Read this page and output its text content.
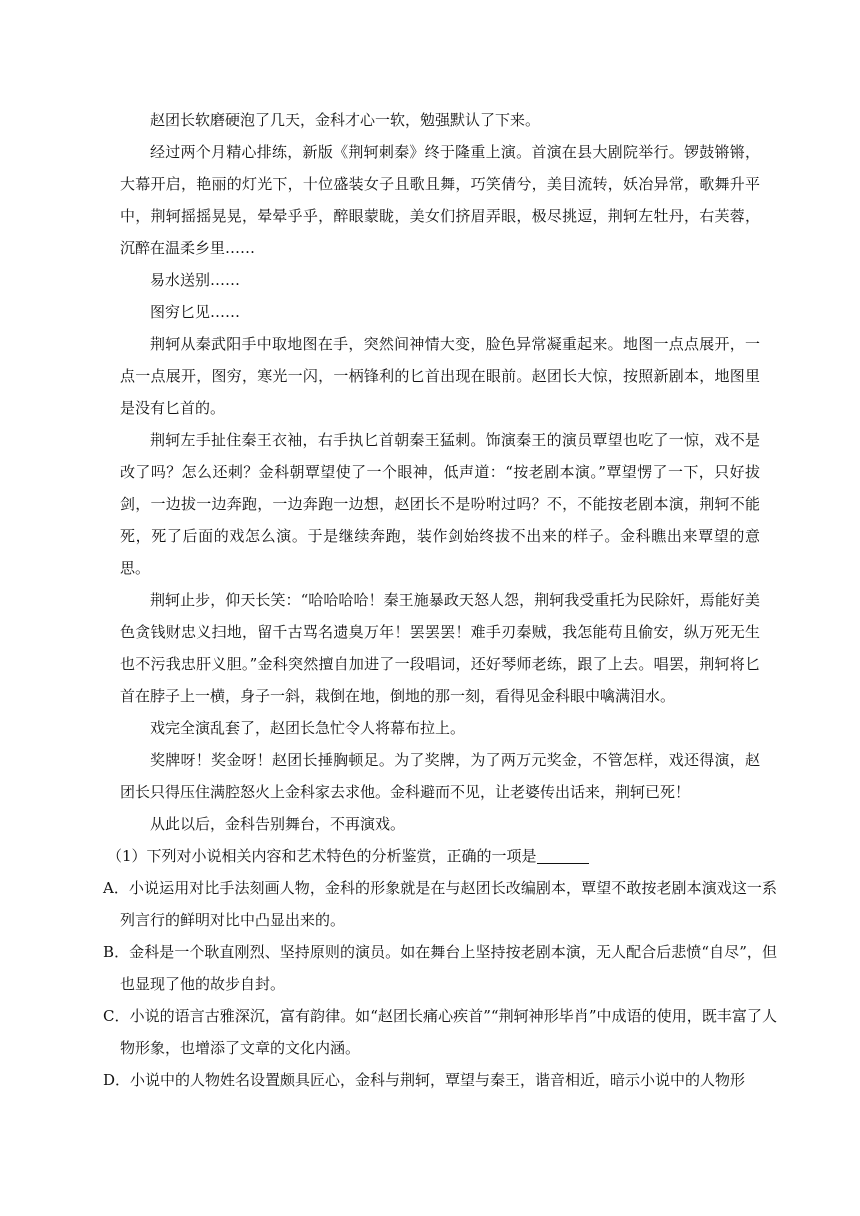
赵团长软磨硬泡了几天，金科才心一软，勉强默认了下来。

经过两个月精心排练，新版《荆轲刺秦》终于隆重上演。首演在县大剧院举行。锣鼓锵锵，大幕开启，艳丽的灯光下，十位盛装女子且歌且舞，巧笑倩兮，美目流转，妖冶异常，歌舞升平中，荆轲摇摇晃晃，晕晕乎乎，醉眼蒙眬，美女们挤眉弄眼，极尽挑逗，荆轲左牡丹，右芙蓉，沉醉在温柔乡里……

易水送别……

图穷匕见……

荆轲从秦武阳手中取地图在手，突然间神情大变，脸色异常凝重起来。地图一点点展开，一点一点展开，图穷，寒光一闪，一柄锋利的匕首出现在眼前。赵团长大惊，按照新剧本，地图里是没有匕首的。

荆轲左手扯住秦王衣袖，右手执匕首朝秦王猛刺。饰演秦王的演员覃望也吃了一惊，戏不是改了吗？怎么还刺？金科朝覃望使了一个眼神，低声道：“按老剧本演。”覃望愣了一下，只好拔剑，一边拔一边奔跑，一边奔跑一边想，赵团长不是吩咐过吗？不，不能按老剧本演，荆轲不能死，死了后面的戏怎么演。于是继续奔跑，装作剑始终拔不出来的样子。金科瞧出来覃望的意思。

荆轲止步，仰天长笑：“哈哈哈哈！秦王施暴政天怒人怨，荆轲我受重托为民除奸，焉能好美色贪钱财忠义扫地，留千古骂名遗臭万年！罢罢罢！难手刃秦贼，我怎能苟且偷安，纵万死无生也不污我忠肝义胆。”金科突然擅自加进了一段唱词，还好琴师老练，跟了上去。唱罢，荆轲将匕首在脖子上一横，身子一斜，栽倒在地，倒地的那一刻，看得见金科眼中噙满泪水。

戏完全演乱套了，赵团长急忙令人将幕布拉上。

奖牌呀！奖金呀！赵团长捶胸顿足。为了奖牌，为了两万元奖金，不管怎样，戏还得演，赵团长只得压住满腔怒火上金科家去求他。金科避而不见，让老婆传出话来，荆轲已死！

从此以后，金科告别舞台，不再演戏。

（1）下列对小说相关内容和艺术特色的分析鉴赏，正确的一项是

A．小说运用对比手法刻画人物，金科的形象就是在与赵团长改编剧本，覃望不敢按老剧本演戏这一系列言行的鲜明对比中凸显出来的。

B．金科是一个耿直刚烈、坚持原则的演员。如在舞台上坚持按老剧本演，无人配合后悲愤“自尽”，但也显现了他的故步自封。

C．小说的语言古雅深沉，富有韵律。如“赵团长痛心疾首”“荆轲神形毕肖”中成语的使用，既丰富了人物形象，也增添了文章的文化内涵。

D．小说中的人物姓名设置颇具匠心，金科与荆轲，覃望与秦王，谐音相近，暗示小说中的人物形
